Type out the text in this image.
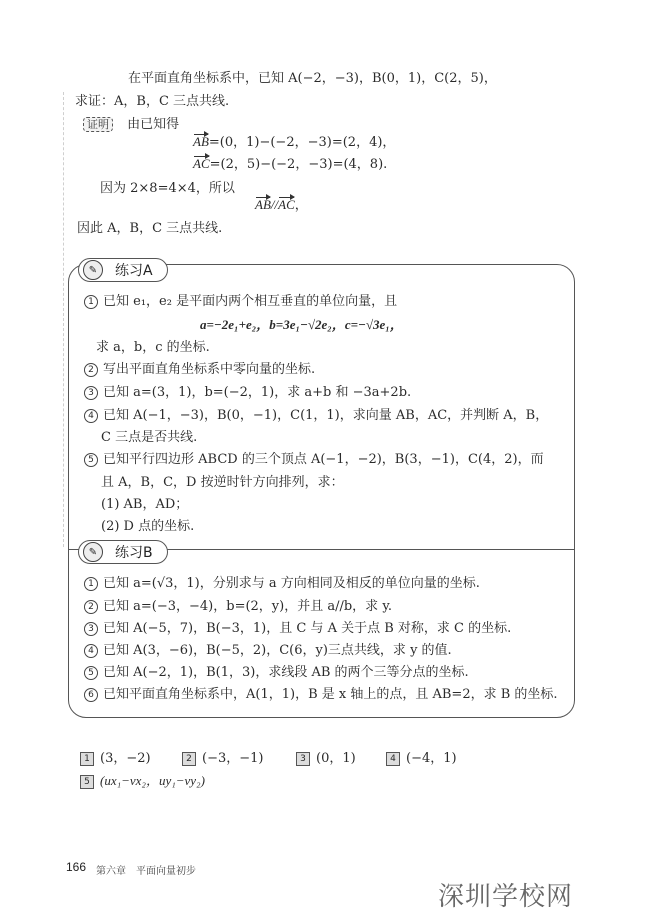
在平面直角坐标系中，已知 A(−2，−3)，B(0，1)，C(2，5)，
求证：A，B，C 三点共线.
证明 由已知得
AB=(0，1)−(−2，−3)=(2，4)，
AC=(2，5)−(−2，−3)=(4，8).
因为 2×8=4×4，所以
AB//AC，
因此 A，B，C 三点共线.
✎	练习A
1 已知 e₁，e₂ 是平面内两个相互垂直的单位向量，且
a=−2e₁+e₂，b=3e₁−√2e₂，c=−√3e₁，
求 a，b，c 的坐标.
2 写出平面直角坐标系中零向量的坐标.
3 已知 a=(3，1)，b=(−2，1)，求 a+b 和 −3a+2b.
4 已知 A(−1，−3)，B(0，−1)，C(1，1)，求向量 AB，AC，并判断 A，B，
C 三点是否共线.
5 已知平行四边形 ABCD 的三个顶点 A(−1，−2)，B(3，−1)，C(4，2)，而
且 A，B，C，D 按逆时针方向排列，求：
(1) AB，AD；
(2) D 点的坐标.
✎	练习B
1 已知 a=(√3，1)，分别求与 a 方向相同及相反的单位向量的坐标.
2 已知 a=(−3，−4)，b=(2，y)，并且 a//b，求 y.
3 已知 A(−5，7)，B(−3，1)，且 C 与 A 关于点 B 对称，求 C 的坐标.
4 已知 A(3，−6)，B(−5，2)，C(6，y)三点共线，求 y 的值.
5 已知 A(−2，1)，B(1，3)，求线段 AB 的两个三等分点的坐标.
6 已知平面直角坐标系中，A(1，1)，B 是 x 轴上的点，且 AB=2，求 B 的坐标.
1 (3，−2)	2 (−3，−1)	3 (0，1)	4 (−4，1)
5 (ux₁−vx₂，uy₁−vy₂)
166 第六章　平面向量初步
深圳学校网
